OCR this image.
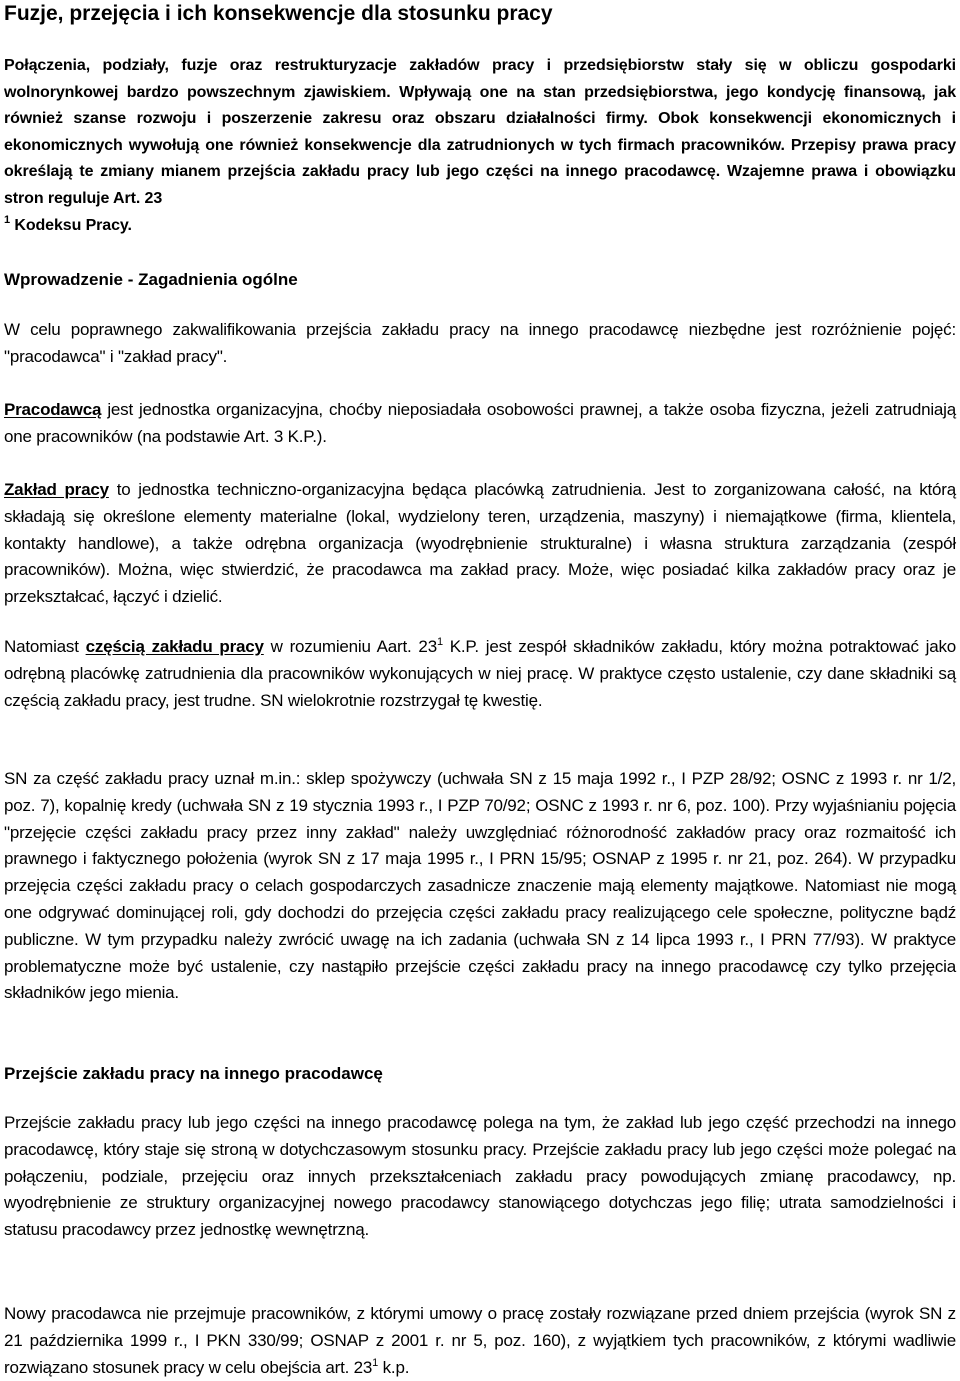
Fuzje, przejęcia i ich konsekwencje dla stosunku pracy

Połączenia, podziały, fuzje oraz restrukturyzacje zakładów pracy i przedsiębiorstw stały się w obliczu gospodarki wolnorynkowej bardzo powszechnym zjawiskiem. Wpływają one na stan przedsiębiorstwa, jego kondycję finansową, jak również szanse rozwoju i poszerzenie zakresu oraz obszaru działalności firmy. Obok konsekwencji ekonomicznych i ekonomicznych wywołują one również konsekwencje dla zatrudnionych w tych firmach pracowników. Przepisy prawa pracy określają te zmiany mianem przejścia zakładu pracy lub jego części na innego pracodawcę. Wzajemne prawa i obowiązku stron reguluje Art. 23
$^1$ Kodeksu Pracy.

Wprowadzenie - Zagadnienia ogólne

W celu poprawnego zakwalifikowania przejścia zakładu pracy na innego pracodawcę niezbędne jest rozróżnienie pojęć: "pracodawca" i "zakład pracy".

Pracodawcą jest jednostka organizacyjna, choćby nieposiadała osobowości prawnej, a także osoba fizyczna, jeżeli zatrudniają one pracowników (na podstawie Art. 3 K.P.).

Zakład pracy to jednostka techniczno-organizacyjna będąca placówką zatrudnienia. Jest to zorganizowana całość, na którą składają się określone elementy materialne (lokal, wydzielony teren, urządzenia, maszyny) i niemajątkowe (firma, klientela, kontakty handlowe), a także odrębna organizacja (wyodrębnienie strukturalne) i własna struktura zarządzania (zespół pracowników). Można, więc stwierdzić, że pracodawca ma zakład pracy. Może, więc posiadać kilka zakładów pracy oraz je przekształcać, łączyć i dzielić.

Natomiast częścią zakładu pracy w rozumieniu Aart. $23^1$ K.P. jest zespół składników zakładu, który można potraktować jako odrębną placówkę zatrudnienia dla pracowników wykonujących w niej pracę. W praktyce często ustalenie, czy dane składniki są częścią zakładu pracy, jest trudne. SN wielokrotnie rozstrzygał tę kwestię.

SN za część zakładu pracy uznał m.in.: sklep spożywczy (uchwała SN z 15 maja 1992 r., I PZP 28/92; OSNC z 1993 r. nr 1/2, poz. 7), kopalnię kredy (uchwała SN z 19 stycznia 1993 r., I PZP 70/92; OSNC z 1993 r. nr 6, poz. 100). Przy wyjaśnianiu pojęcia "przejęcie części zakładu pracy przez inny zakład" należy uwzględniać różnorodność zakładów pracy oraz rozmaitość ich prawnego i faktycznego położenia (wyrok SN z 17 maja 1995 r., I PRN 15/95; OSNAP z 1995 r. nr 21, poz. 264). W przypadku przejęcia części zakładu pracy o celach gospodarczych zasadnicze znaczenie mają elementy majątkowe. Natomiast nie mogą one odgrywać dominującej roli, gdy dochodzi do przejęcia części zakładu pracy realizującego cele społeczne, polityczne bądź publiczne. W tym przypadku należy zwrócić uwagę na ich zadania (uchwała SN z 14 lipca 1993 r., I PRN 77/93). W praktyce problematyczne może być ustalenie, czy nastąpiło przejście części zakładu pracy na innego pracodawcę czy tylko przejęcia składników jego mienia.

Przejście zakładu pracy na innego pracodawcę

Przejście zakładu pracy lub jego części na innego pracodawcę polega na tym, że zakład lub jego część przechodzi na innego pracodawcę, który staje się stroną w dotychczasowym stosunku pracy. Przejście zakładu pracy lub jego części może polegać na połączeniu, podziale, przejęciu oraz innych przekształceniach zakładu pracy powodujących zmianę pracodawcy, np. wyodrębnienie ze struktury organizacyjnej nowego pracodawcy stanowiącego dotychczas jego filię; utrata samodzielności i statusu pracodawcy przez jednostkę wewnętrzną.

Nowy pracodawca nie przejmuje pracowników, z którymi umowy o pracę zostały rozwiązane przed dniem przejścia (wyrok SN z 21 października 1999 r., I PKN 330/99; OSNAP z 2001 r. nr 5, poz. 160), z wyjątkiem tych pracowników, z którymi wadliwie rozwiązano stosunek pracy w celu obejścia art. $23^1$ k.p.
